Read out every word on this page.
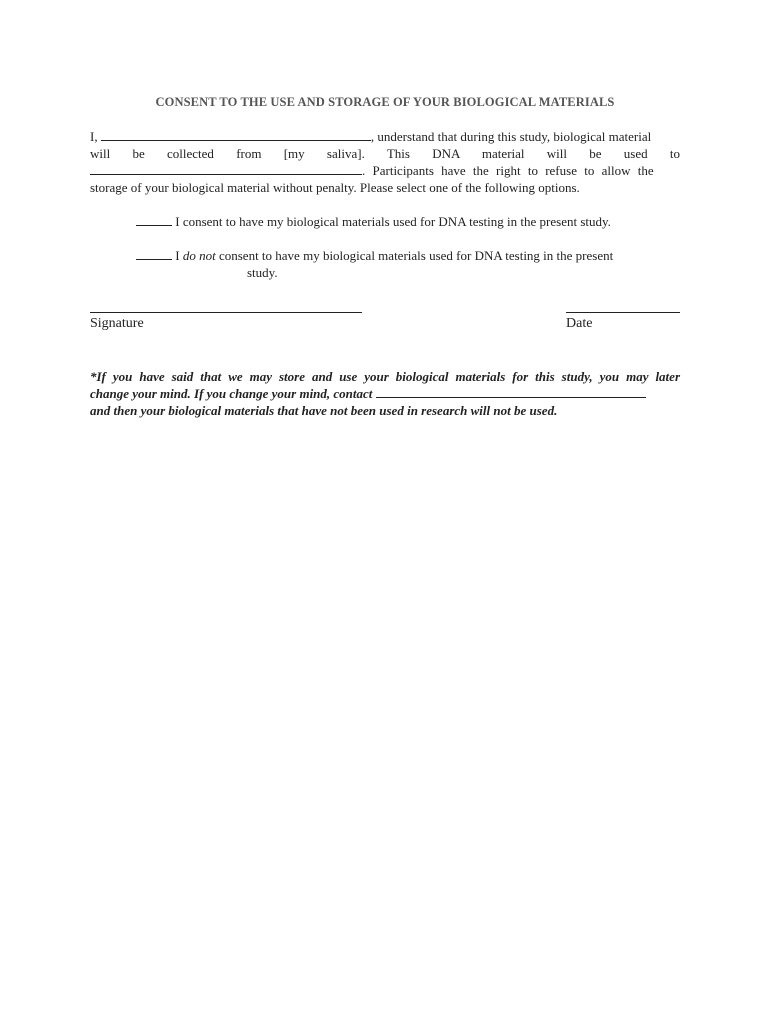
CONSENT TO THE USE AND STORAGE OF YOUR BIOLOGICAL MATERIALS
I,	, understand that during this study, biological material
will be collected from [my saliva]. This DNA material will be used to
. Participants have the right to refuse to allow the
storage of your biological material without penalty. Please select one of the following options.
I consent to have my biological materials used for DNA testing in the present study.
I do not consent to have my biological materials used for DNA testing in the present
study.
Signature	Date
*If you have said that we may store and use your biological materials for this study, you may later
change your mind. If you change your mind, contact
and then your biological materials that have not been used in research will not be used.
